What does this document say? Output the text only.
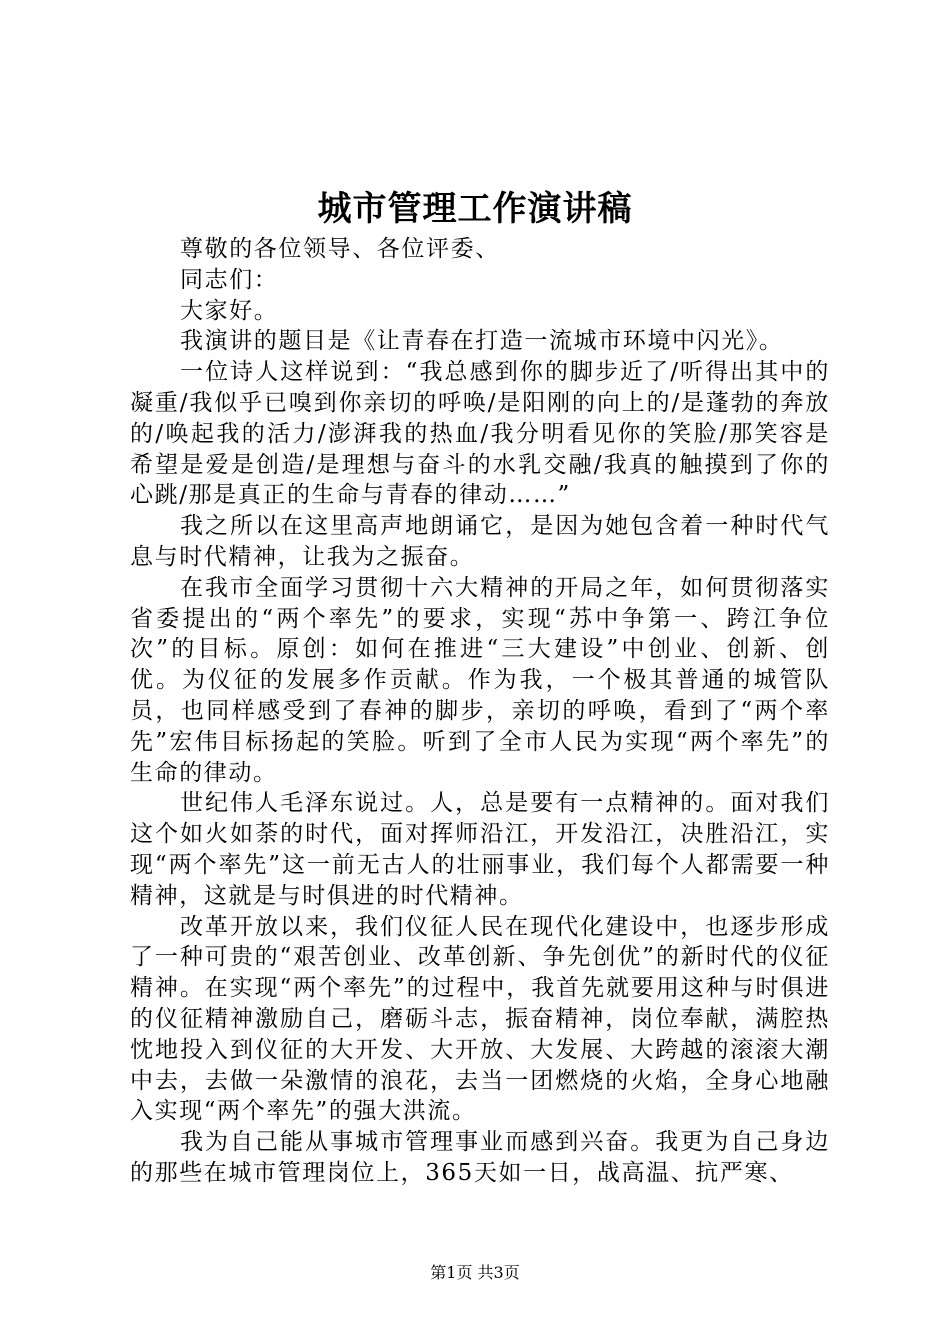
城市管理工作演讲稿

尊敬的各位领导、各位评委、

同志们：

大家好。

我演讲的题目是《让青春在打造一流城市环境中闪光》。

一位诗人这样说到：“我总感到你的脚步近了/听得出其中的凝重/我似乎已嗅到你亲切的呼唤/是阳刚的向上的/是蓬勃的奔放的/唤起我的活力/澎湃我的热血/我分明看见你的笑脸/那笑容是希望是爱是创造/是理想与奋斗的水乳交融/我真的触摸到了你的心跳/那是真正的生命与青春的律动……”

我之所以在这里高声地朗诵它，是因为她包含着一种时代气息与时代精神，让我为之振奋。

在我市全面学习贯彻十六大精神的开局之年，如何贯彻落实省委提出的“两个率先”的要求，实现“苏中争第一、跨江争位次”的目标。原创：如何在推进“三大建设”中创业、创新、创优。为仪征的发展多作贡献。作为我，一个极其普通的城管队员，也同样感受到了春神的脚步，亲切的呼唤，看到了“两个率先”宏伟目标扬起的笑脸。听到了全市人民为实现“两个率先”的生命的律动。

世纪伟人毛泽东说过。人，总是要有一点精神的。面对我们这个如火如荼的时代，面对挥师沿江，开发沿江，决胜沿江，实现“两个率先”这一前无古人的壮丽事业，我们每个人都需要一种精神，这就是与时俱进的时代精神。

改革开放以来，我们仪征人民在现代化建设中，也逐步形成了一种可贵的“艰苦创业、改革创新、争先创优”的新时代的仪征精神。在实现“两个率先”的过程中，我首先就要用这种与时俱进的仪征精神激励自己，磨砺斗志，振奋精神，岗位奉献，满腔热忱地投入到仪征的大开发、大开放、大发展、大跨越的滚滚大潮中去，去做一朵激情的浪花，去当一团燃烧的火焰，全身心地融入实现“两个率先”的强大洪流。

我为自己能从事城市管理事业而感到兴奋。我更为自己身边的那些在城市管理岗位上，365天如一日，战高温、抗严寒、

第1页 共3页
